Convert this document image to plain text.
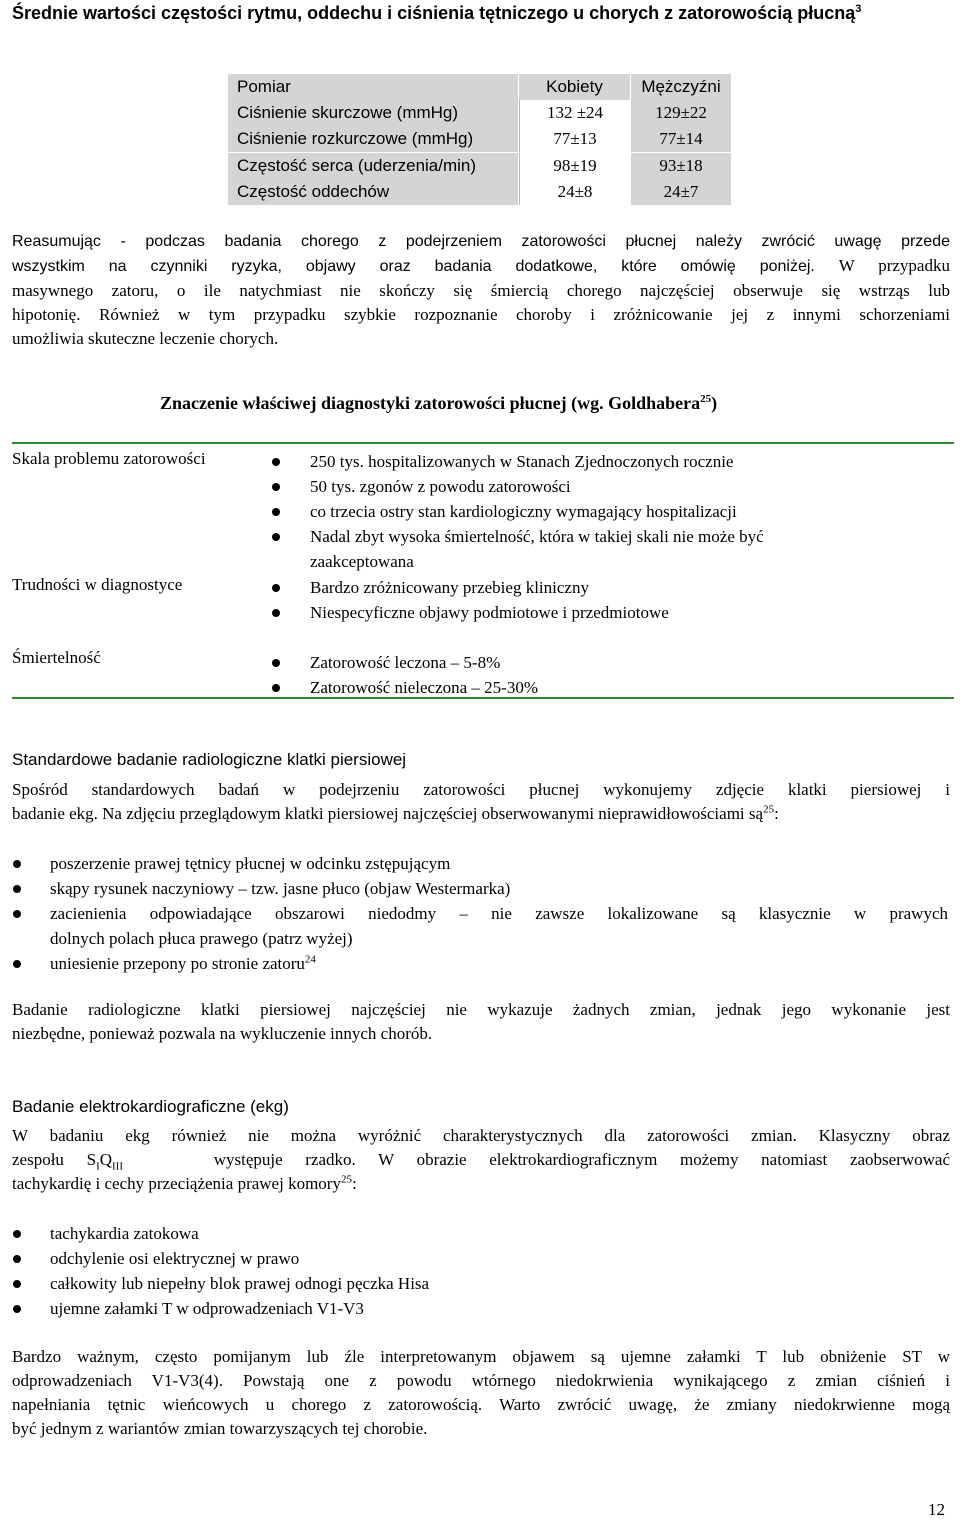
Średnie wartości częstości rytmu, oddechu i ciśnienia tętniczego u chorych z zatorowością płucną$^3$
Pomiar	Kobiety	Mężczyźni
Ciśnienie skurczowe (mmHg)	132 ±24	129±22
Ciśnienie rozkurczowe (mmHg)	77±13	77±14
Częstość serca (uderzenia/min)	98±19	93±18
Częstość oddechów	24±8	24±7
Reasumując - podczas badania chorego z podejrzeniem zatorowości płucnej należy zwrócić uwagę przede
wszystkim na czynniki ryzyka, objawy oraz badania dodatkowe, które omówię poniżej. W przypadku
masywnego zatoru, o ile natychmiast nie skończy się śmiercią chorego najczęściej obserwuje się wstrząs lub
hipotonię. Również w tym przypadku szybkie rozpoznanie choroby i zróżnicowanie jej z innymi schorzeniami
umożliwia skuteczne leczenie chorych.
Znaczenie właściwej diagnostyki zatorowości płucnej (wg. Goldhabera$^{25}$)
Skala problemu zatorowości	250 tys. hospitalizowanych w Stanach Zjednoczonych rocznie
50 tys. zgonów z powodu zatorowości
co trzecia ostry stan kardiologiczny wymagający hospitalizacji
Nadal zbyt wysoka śmiertelność, która w takiej skali nie może być
zaakceptowana
Trudności w diagnostyce	Bardzo zróżnicowany przebieg kliniczny
Niespecyficzne objawy podmiotowe i przedmiotowe
Śmiertelność	Zatorowość leczona – 5-8%
Zatorowość nieleczona – 25-30%
Standardowe badanie radiologiczne klatki piersiowej
Spośród standardowych badań w podejrzeniu zatorowości płucnej wykonujemy zdjęcie klatki piersiowej i
badanie ekg. Na zdjęciu przeglądowym klatki piersiowej najczęściej obserwowanymi nieprawidłowościami $są^{25}$:
poszerzenie prawej tętnicy płucnej w odcinku zstępującym
skąpy rysunek naczyniowy – tzw. jasne płuco (objaw Westermarka)
zacienienia odpowiadające obszarowi niedodmy – nie zawsze lokalizowane są klasycznie w prawych
dolnych polach płuca prawego (patrz wyżej)
uniesienie przepony po stronie zatoru$^{24}$
Badanie radiologiczne klatki piersiowej najczęściej nie wykazuje żadnych zmian, jednak jego wykonanie jest
niezbędne, ponieważ pozwala na wykluczenie innych chorób.
Badanie elektrokardiograficzne (ekg)
W badaniu ekg również nie można wyróżnić charakterystycznych dla zatorowości zmian. Klasyczny obraz
zespołu $S_IQ_{III}$	występuje rzadko. W obrazie elektrokardiograficznym możemy natomiast zaobserwować
tachykardię i cechy przeciążenia prawej komory$^{25}$:
tachykardia zatokowa
odchylenie osi elektrycznej w prawo
całkowity lub niepełny blok prawej odnogi pęczka Hisa
ujemne załamki T w odprowadzeniach V1-V3
Bardzo ważnym, często pomijanym lub źle interpretowanym objawem są ujemne załamki T lub obniżenie ST w
odprowadzeniach V1-V3(4). Powstają one z powodu wtórnego niedokrwienia wynikającego z zmian ciśnień i
napełniania tętnic wieńcowych u chorego z zatorowością. Warto zwrócić uwagę, że zmiany niedokrwienne mogą
być jednym z wariantów zmian towarzyszących tej chorobie.
12
